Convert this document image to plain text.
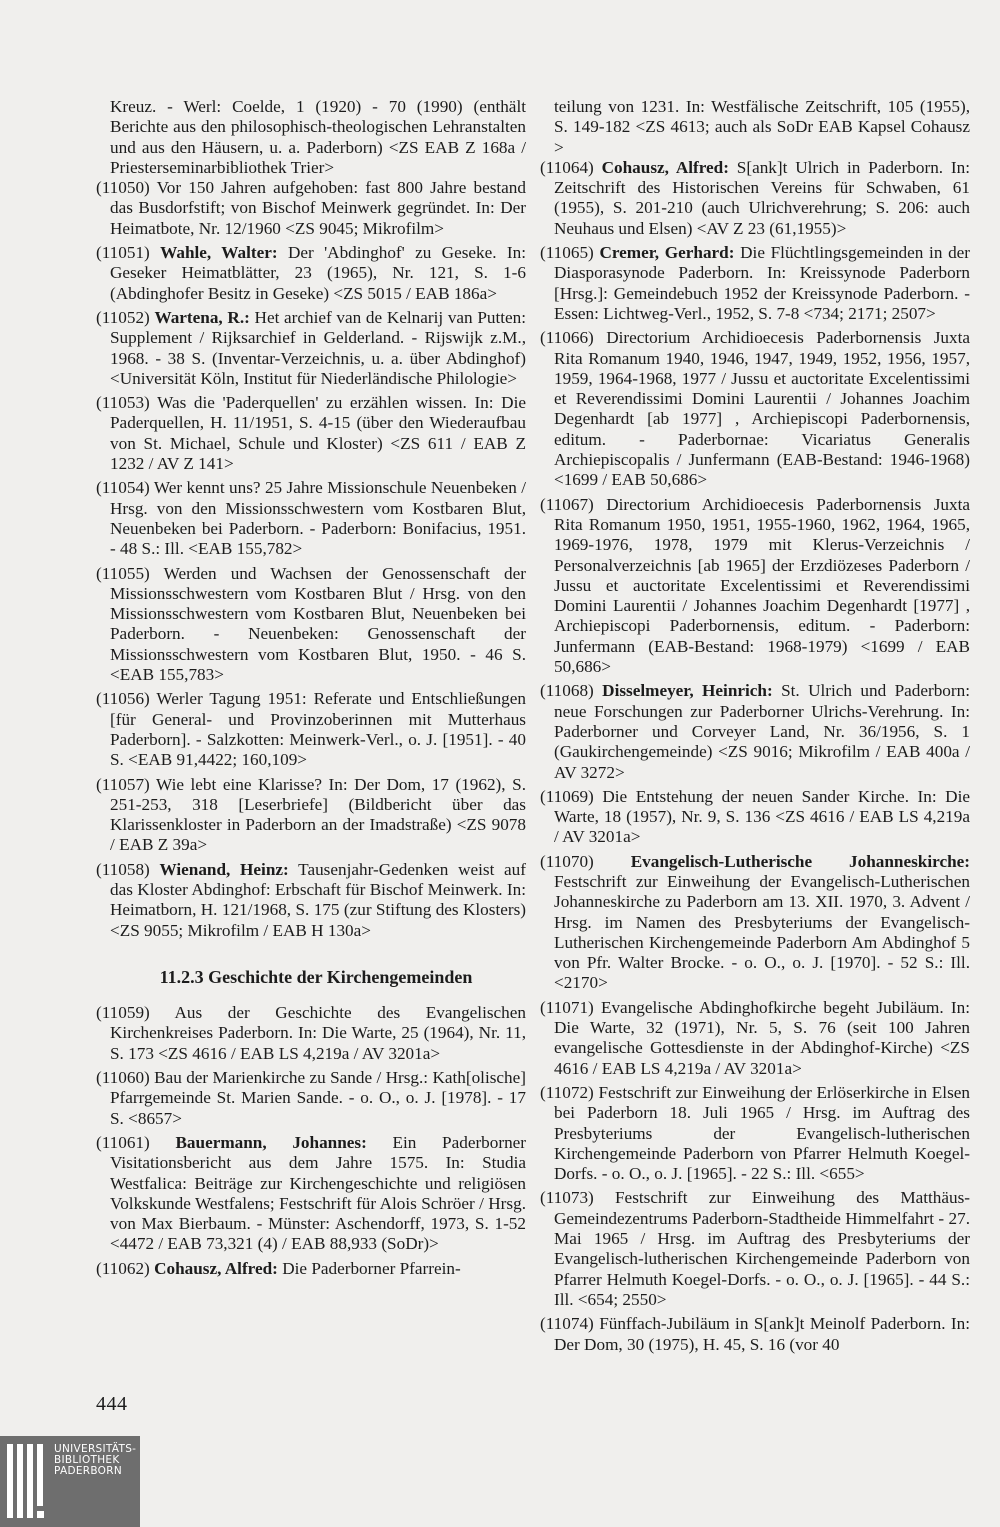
Kreuz. - Werl: Coelde, 1 (1920) - 70 (1990) (enthält Berichte aus den philosophisch-theologischen Lehranstalten und aus den Häusern, u. a. Paderborn) <ZS EAB Z 168a / Priesterseminarbibliothek Trier>

(11050) Vor 150 Jahren aufgehoben: fast 800 Jahre bestand das Busdorfstift; von Bischof Meinwerk gegründet. In: Der Heimatbote, Nr. 12/1960 <ZS 9045; Mikrofilm>

(11051) Wahle, Walter: Der 'Abdinghof' zu Geseke. In: Geseker Heimatblätter, 23 (1965), Nr. 121, S. 1-6 (Abdinghofer Besitz in Geseke) <ZS 5015 / EAB 186a>

(11052) Wartena, R.: Het archief van de Kelnarij van Putten: Supplement / Rijksarchief in Gelderland. - Rijswijk z.M., 1968. - 38 S. (Inventar-Verzeichnis, u. a. über Abdinghof) <Universität Köln, Institut für Niederländische Philologie>

(11053) Was die 'Paderquellen' zu erzählen wissen. In: Die Paderquellen, H. 11/1951, S. 4-15 (über den Wiederaufbau von St. Michael, Schule und Kloster) <ZS 611 / EAB Z 1232 / AV Z 141>

(11054) Wer kennt uns? 25 Jahre Missionschule Neuenbeken / Hrsg. von den Missionsschwestern vom Kostbaren Blut, Neuenbeken bei Paderborn. - Paderborn: Bonifacius, 1951. - 48 S.: Ill. <EAB 155,782>

(11055) Werden und Wachsen der Genossenschaft der Missionsschwestern vom Kostbaren Blut / Hrsg. von den Missionsschwestern vom Kostbaren Blut, Neuenbeken bei Paderborn. - Neuenbeken: Genossenschaft der Missionsschwestern vom Kostbaren Blut, 1950. - 46 S. <EAB 155,783>

(11056) Werler Tagung 1951: Referate und Entschließungen [für General- und Provinzoberinnen mit Mutterhaus Paderborn]. - Salzkotten: Meinwerk-Verl., o. J. [1951]. - 40 S. <EAB 91,4422; 160,109>

(11057) Wie lebt eine Klarisse? In: Der Dom, 17 (1962), S. 251-253, 318 [Leserbriefe] (Bildbericht über das Klarissenkloster in Paderborn an der Imadstraße) <ZS 9078 / EAB Z 39a>

(11058) Wienand, Heinz: Tausenjahr-Gedenken weist auf das Kloster Abdinghof: Erbschaft für Bischof Meinwerk. In: Heimatborn, H. 121/1968, S. 175 (zur Stiftung des Klosters) <ZS 9055; Mikrofilm / EAB H 130a>

11.2.3 Geschichte der Kirchengemeinden

(11059) Aus der Geschichte des Evangelischen Kirchenkreises Paderborn. In: Die Warte, 25 (1964), Nr. 11, S. 173 <ZS 4616 / EAB LS 4,219a / AV 3201a>

(11060) Bau der Marienkirche zu Sande / Hrsg.: Kath[olische] Pfarrgemeinde St. Marien Sande. - o. O., o. J. [1978]. - 17 S. <8657>

(11061) Bauermann, Johannes: Ein Paderborner Visitationsbericht aus dem Jahre 1575. In: Studia Westfalica: Beiträge zur Kirchengeschichte und religiösen Volkskunde Westfalens; Festschrift für Alois Schröer / Hrsg. von Max Bierbaum. - Münster: Aschendorff, 1973, S. 1-52 <4472 / EAB 73,321 (4) / EAB 88,933 (SoDr)>

(11062) Cohausz, Alfred: Die Paderborner Pfarrein-

teilung von 1231. In: Westfälische Zeitschrift, 105 (1955), S. 149-182 <ZS 4613; auch als SoDr EAB Kapsel Cohausz >

(11064) Cohausz, Alfred: S[ank]t Ulrich in Paderborn. In: Zeitschrift des Historischen Vereins für Schwaben, 61 (1955), S. 201-210 (auch Ulrichverehrung; S. 206: auch Neuhaus und Elsen) <AV Z 23 (61,1955)>

(11065) Cremer, Gerhard: Die Flüchtlingsgemeinden in der Diasporasynode Paderborn. In: Kreissynode Paderborn [Hrsg.]: Gemeindebuch 1952 der Kreissynode Paderborn. - Essen: Lichtweg-Verl., 1952, S. 7-8 <734; 2171; 2507>

(11066) Directorium Archidioecesis Paderbornensis Juxta Rita Romanum 1940, 1946, 1947, 1949, 1952, 1956, 1957, 1959, 1964-1968, 1977 / Jussu et auctoritate Excelentissimi et Reverendissimi Domini Laurentii / Johannes Joachim Degenhardt [ab 1977] , Archiepiscopi Paderbornensis, editum. - Paderbornae: Vicariatus Generalis Archiepiscopalis / Junfermann (EAB-Bestand: 1946-1968) <1699 / EAB 50,686>

(11067) Directorium Archidioecesis Paderbornensis Juxta Rita Romanum 1950, 1951, 1955-1960, 1962, 1964, 1965, 1969-1976, 1978, 1979 mit Klerus-Verzeichnis / Personalverzeichnis [ab 1965] der Erzdiözeses Paderborn / Jussu et auctoritate Excelentissimi et Reverendissimi Domini Laurentii / Johannes Joachim Degenhardt [1977] , Archiepiscopi Paderbornensis, editum. - Paderborn: Junfermann (EAB-Bestand: 1968-1979) <1699 / EAB 50,686>

(11068) Disselmeyer, Heinrich: St. Ulrich und Paderborn: neue Forschungen zur Paderborner Ulrichs-Verehrung. In: Paderborner und Corveyer Land, Nr. 36/1956, S. 1 (Gaukirchengemeinde) <ZS 9016; Mikrofilm / EAB 400a / AV 3272>

(11069) Die Entstehung der neuen Sander Kirche. In: Die Warte, 18 (1957), Nr. 9, S. 136 <ZS 4616 / EAB LS 4,219a / AV 3201a>

(11070) Evangelisch-Lutherische Johanneskirche: Festschrift zur Einweihung der Evangelisch-Lutherischen Johanneskirche zu Paderborn am 13. XII. 1970, 3. Advent / Hrsg. im Namen des Presbyteriums der Evangelisch-Lutherischen Kirchengemeinde Paderborn Am Abdinghof 5 von Pfr. Walter Brocke. - o. O., o. J. [1970]. - 52 S.: Ill. <2170>

(11071) Evangelische Abdinghofkirche begeht Jubiläum. In: Die Warte, 32 (1971), Nr. 5, S. 76 (seit 100 Jahren evangelische Gottesdienste in der Abdinghof-Kirche) <ZS 4616 / EAB LS 4,219a / AV 3201a>

(11072) Festschrift zur Einweihung der Erlöserkirche in Elsen bei Paderborn 18. Juli 1965 / Hrsg. im Auftrag des Presbyteriums der Evangelisch-lutherischen Kirchengemeinde Paderborn von Pfarrer Helmuth Koegel-Dorfs. - o. O., o. J. [1965]. - 22 S.: Ill. <655>

(11073) Festschrift zur Einweihung des Matthäus-Gemeindezentrums Paderborn-Stadtheide Himmelfahrt - 27. Mai 1965 / Hrsg. im Auftrag des Presbyteriums der Evangelisch-lutherischen Kirchengemeinde Paderborn von Pfarrer Helmuth Koegel-Dorfs. - o. O., o. J. [1965]. - 44 S.: Ill. <654; 2550>

(11074) Fünffach-Jubiläum in S[ank]t Meinolf Paderborn. In: Der Dom, 30 (1975), H. 45, S. 16 (vor 40

444
UNIVERSITÄTS-
BIBLIOTHEK
PADERBORN
